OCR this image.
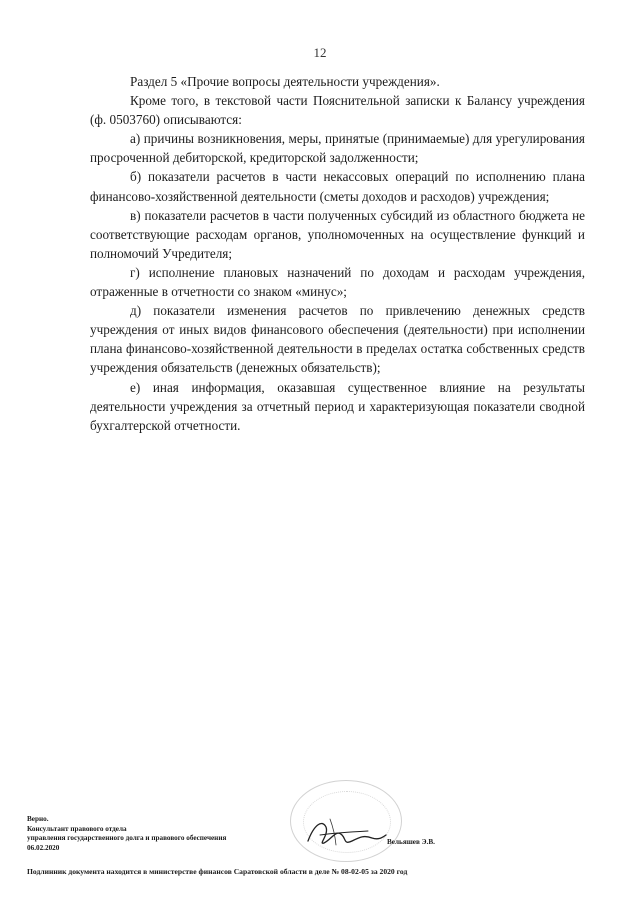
12

Раздел 5 «Прочие вопросы деятельности учреждения».

Кроме того, в текстовой части Пояснительной записки к Балансу учреждения (ф. 0503760) описываются:

а) причины возникновения, меры, принятые (принимаемые) для урегулирования просроченной дебиторской, кредиторской задолженности;

б) показатели расчетов в части некассовых операций по исполнению плана финансово-хозяйственной деятельности (сметы доходов и расходов) учреждения;

в) показатели расчетов в части полученных субсидий из областного бюджета не соответствующие расходам органов, уполномоченных на осуществление функций и полномочий Учредителя;

г) исполнение плановых назначений по доходам и расходам учреждения, отраженные в отчетности со знаком «минус»;

д) показатели изменения расчетов по привлечению денежных средств учреждения от иных видов финансового обеспечения (деятельности) при исполнении плана финансово-хозяйственной деятельности в пределах остатка собственных средств учреждения обязательств (денежных обязательств);

е) иная информация, оказавшая существенное влияние на результаты деятельности учреждения за отчетный период и характеризующая показатели сводной бухгалтерской отчетности.

Верно.
Консультант правового отдела
управления государственного долга и правового обеспечения
06.02.2020
Вельяшев Э.В.
Подлинник документа находится в министерстве финансов Саратовской области в деле № 08-02-05 за 2020 год
